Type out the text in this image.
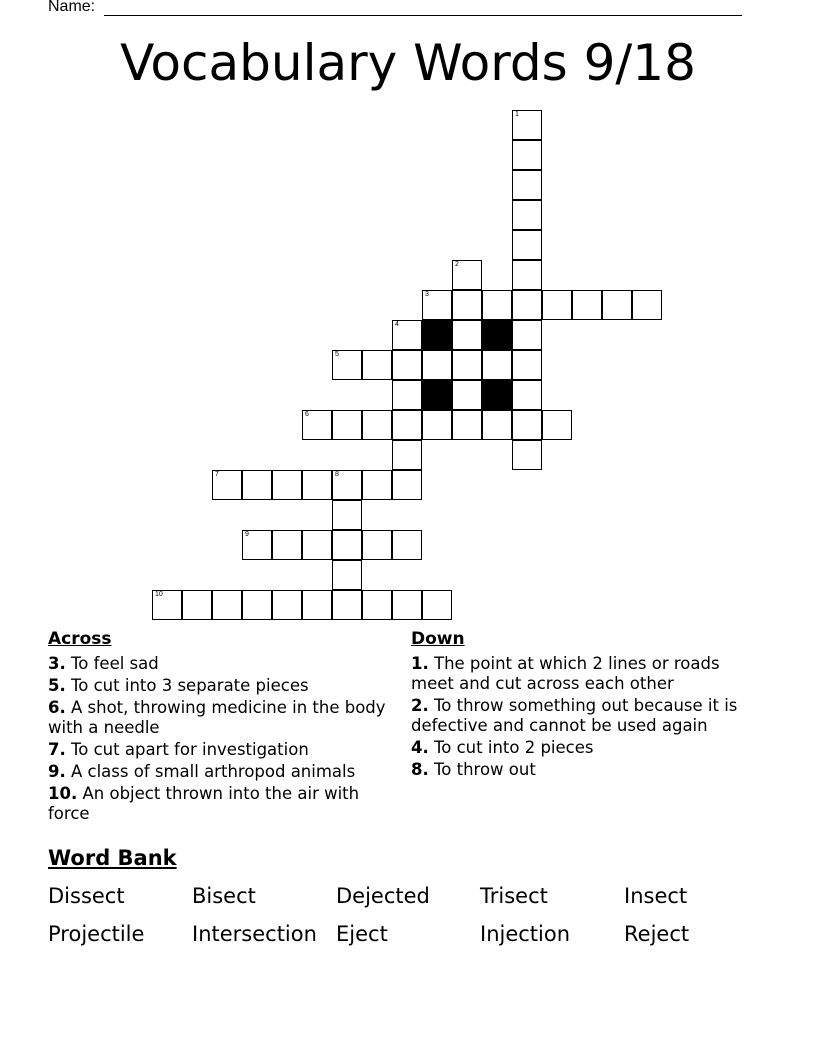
Name:
Vocabulary Words 9/18
1
2
3
4
5
6
7	8
9
10
Across
3. To feel sad
5. To cut into 3 separate pieces
6. A shot, throwing medicine in the body with a needle
7. To cut apart for investigation
9. A class of small arthropod animals
10. An object thrown into the air with force
Down
1. The point at which 2 lines or roads meet and cut across each other
2. To throw something out because it is defective and cannot be used again
4. To cut into 2 pieces
8. To throw out
Word Bank
Dissect	Bisect	Dejected Trisect	Insect
Projectile Intersection Eject	Injection	Reject
